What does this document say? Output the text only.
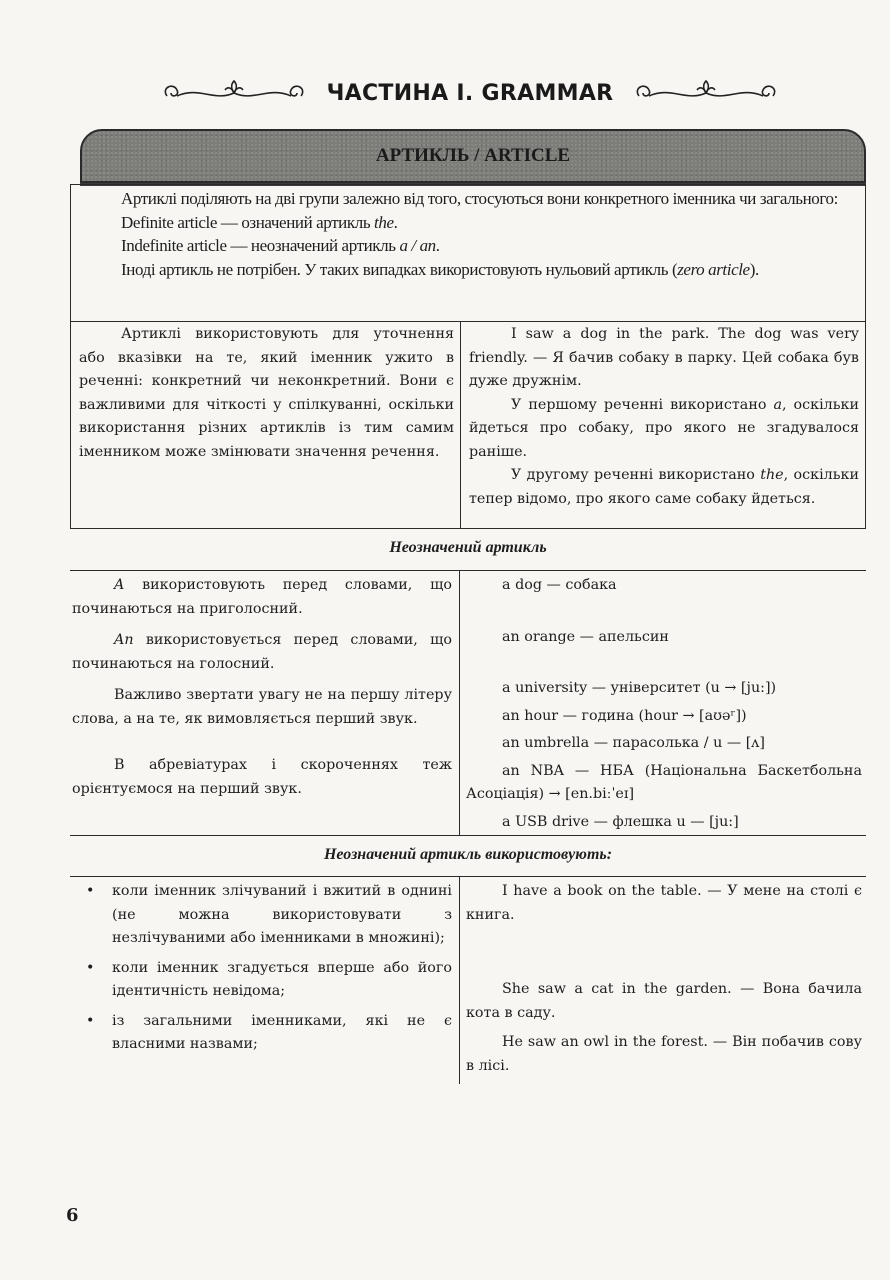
ЧАСТИНА I. GRAMMAR
АРТИКЛЬ / ARTICLE

Артиклі поділяють на дві групи залежно від того, стосуються вони конкретного іменника чи загального:

Definite article — означений артикль the.

Indefinite article — неозначений артикль a / an.

Іноді артикль не потрібен. У таких випадках використовують нульовий артикль (zero article).

Артиклі використовують для уточнення або вказівки на те, який іменник ужито в реченні: конкретний чи неконкретний. Вони є важливими для чіткості у спілкуванні, оскільки використання різних артиклів із тим самим іменником може змінювати значення речення.

I saw a dog in the park. The dog was very friendly. — Я бачив собаку в парку. Цей собака був дуже дружнім.

У першому реченні використано a, оскільки йдеться про собаку, про якого не згадувалося раніше.

У другому реченні використано the, оскільки тепер відомо, про якого саме собаку йдеться.

Неозначений артикль

A використовують перед словами, що починаються на приголосний.

An використовується перед словами, що починаються на голосний.

Важливо звертати увагу не на першу літеру слова, а на те, як вимовляється перший звук.

В абревіатурах і скороченнях теж орієнтуємося на перший звук.

a dog — собака

an orange — апельсин

a university — університет (u → [ju:])

an hour — година (hour → [aʊəʳ])

an umbrella — парасолька / u — [ʌ]

an NBA — НБА (Національна Баскетбольна Асоціація) → [en.biːˈeɪ]

a USB drive — флешка u — [ju:]

Неозначений артикль використовують:
• коли іменник злічуваний і вжитий в однині (не можна використовувати з незлічуваними або іменниками в множині);
• коли іменник згадується вперше або його ідентичність невідома;
• із загальними іменниками, які не є власними назвами;

I have a book on the table. — У мене на столі є книга.

She saw a cat in the garden. — Вона бачила кота в саду.

He saw an owl in the forest. — Він побачив сову в лісі.

6
